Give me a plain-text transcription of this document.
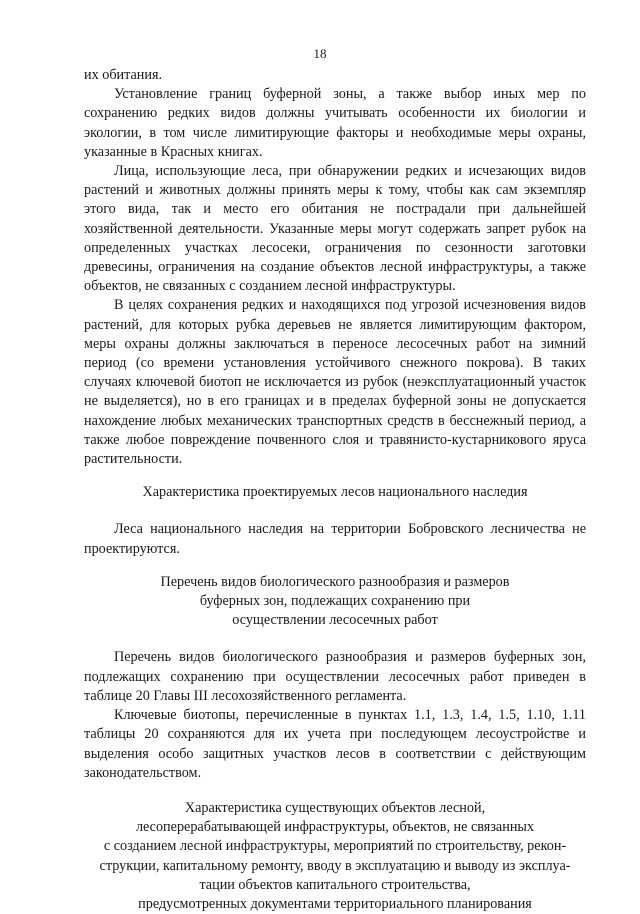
18

их обитания.

Установление границ буферной зоны, а также выбор иных мер по сохранению редких видов должны учитывать особенности их биологии и экологии, в том числе лимитирующие факторы и необходимые меры охраны, указанные в Красных книгах.

Лица, использующие леса, при обнаружении редких и исчезающих видов растений и животных должны принять меры к тому, чтобы как сам экземпляр этого вида, так и место его обитания не пострадали при дальнейшей хозяйственной деятельности. Указанные меры могут содержать запрет рубок на определенных участках лесосеки, ограничения по сезонности заготовки древесины, ограничения на создание объектов лесной инфраструктуры, а также объектов, не связанных с созданием лесной инфраструктуры.

В целях сохранения редких и находящихся под угрозой исчезновения видов растений, для которых рубка деревьев не является лимитирующим фактором, меры охраны должны заключаться в переносе лесосечных работ на зимний период (со времени установления устойчивого снежного покрова). В таких случаях ключевой биотоп не исключается из рубок (неэксплуатационный участок не выделяется), но в его границах и в пределах буферной зоны не допускается нахождение любых механических транспортных средств в бесснежный период, а также любое повреждение почвенного слоя и травянисто-кустарникового яруса растительности.

Характеристика проектируемых лесов национального наследия

Леса национального наследия на территории Бобровского лесничества не проектируются.

Перечень видов биологического разнообразия и размеров
буферных зон, подлежащих сохранению при
осуществлении лесосечных работ

Перечень видов биологического разнообразия и размеров буферных зон, подлежащих сохранению при осуществлении лесосечных работ приведен в таблице 20 Главы III лесохозяйственного регламента.

Ключевые биотопы, перечисленные в пунктах 1.1, 1.3, 1.4, 1.5, 1.10, 1.11 таблицы 20 сохраняются для их учета при последующем лесоустройстве и выделения особо защитных участков лесов в соответствии с действующим законодательством.

Характеристика существующих объектов лесной,
лесоперерабатывающей инфраструктуры, объектов, не связанных
с созданием лесной инфраструктуры, мероприятий по строительству, рекон-
струкции, капитальному ремонту, вводу в эксплуатацию и выводу из эксплуа-
тации объектов капитального строительства,
предусмотренных документами территориального планирования
